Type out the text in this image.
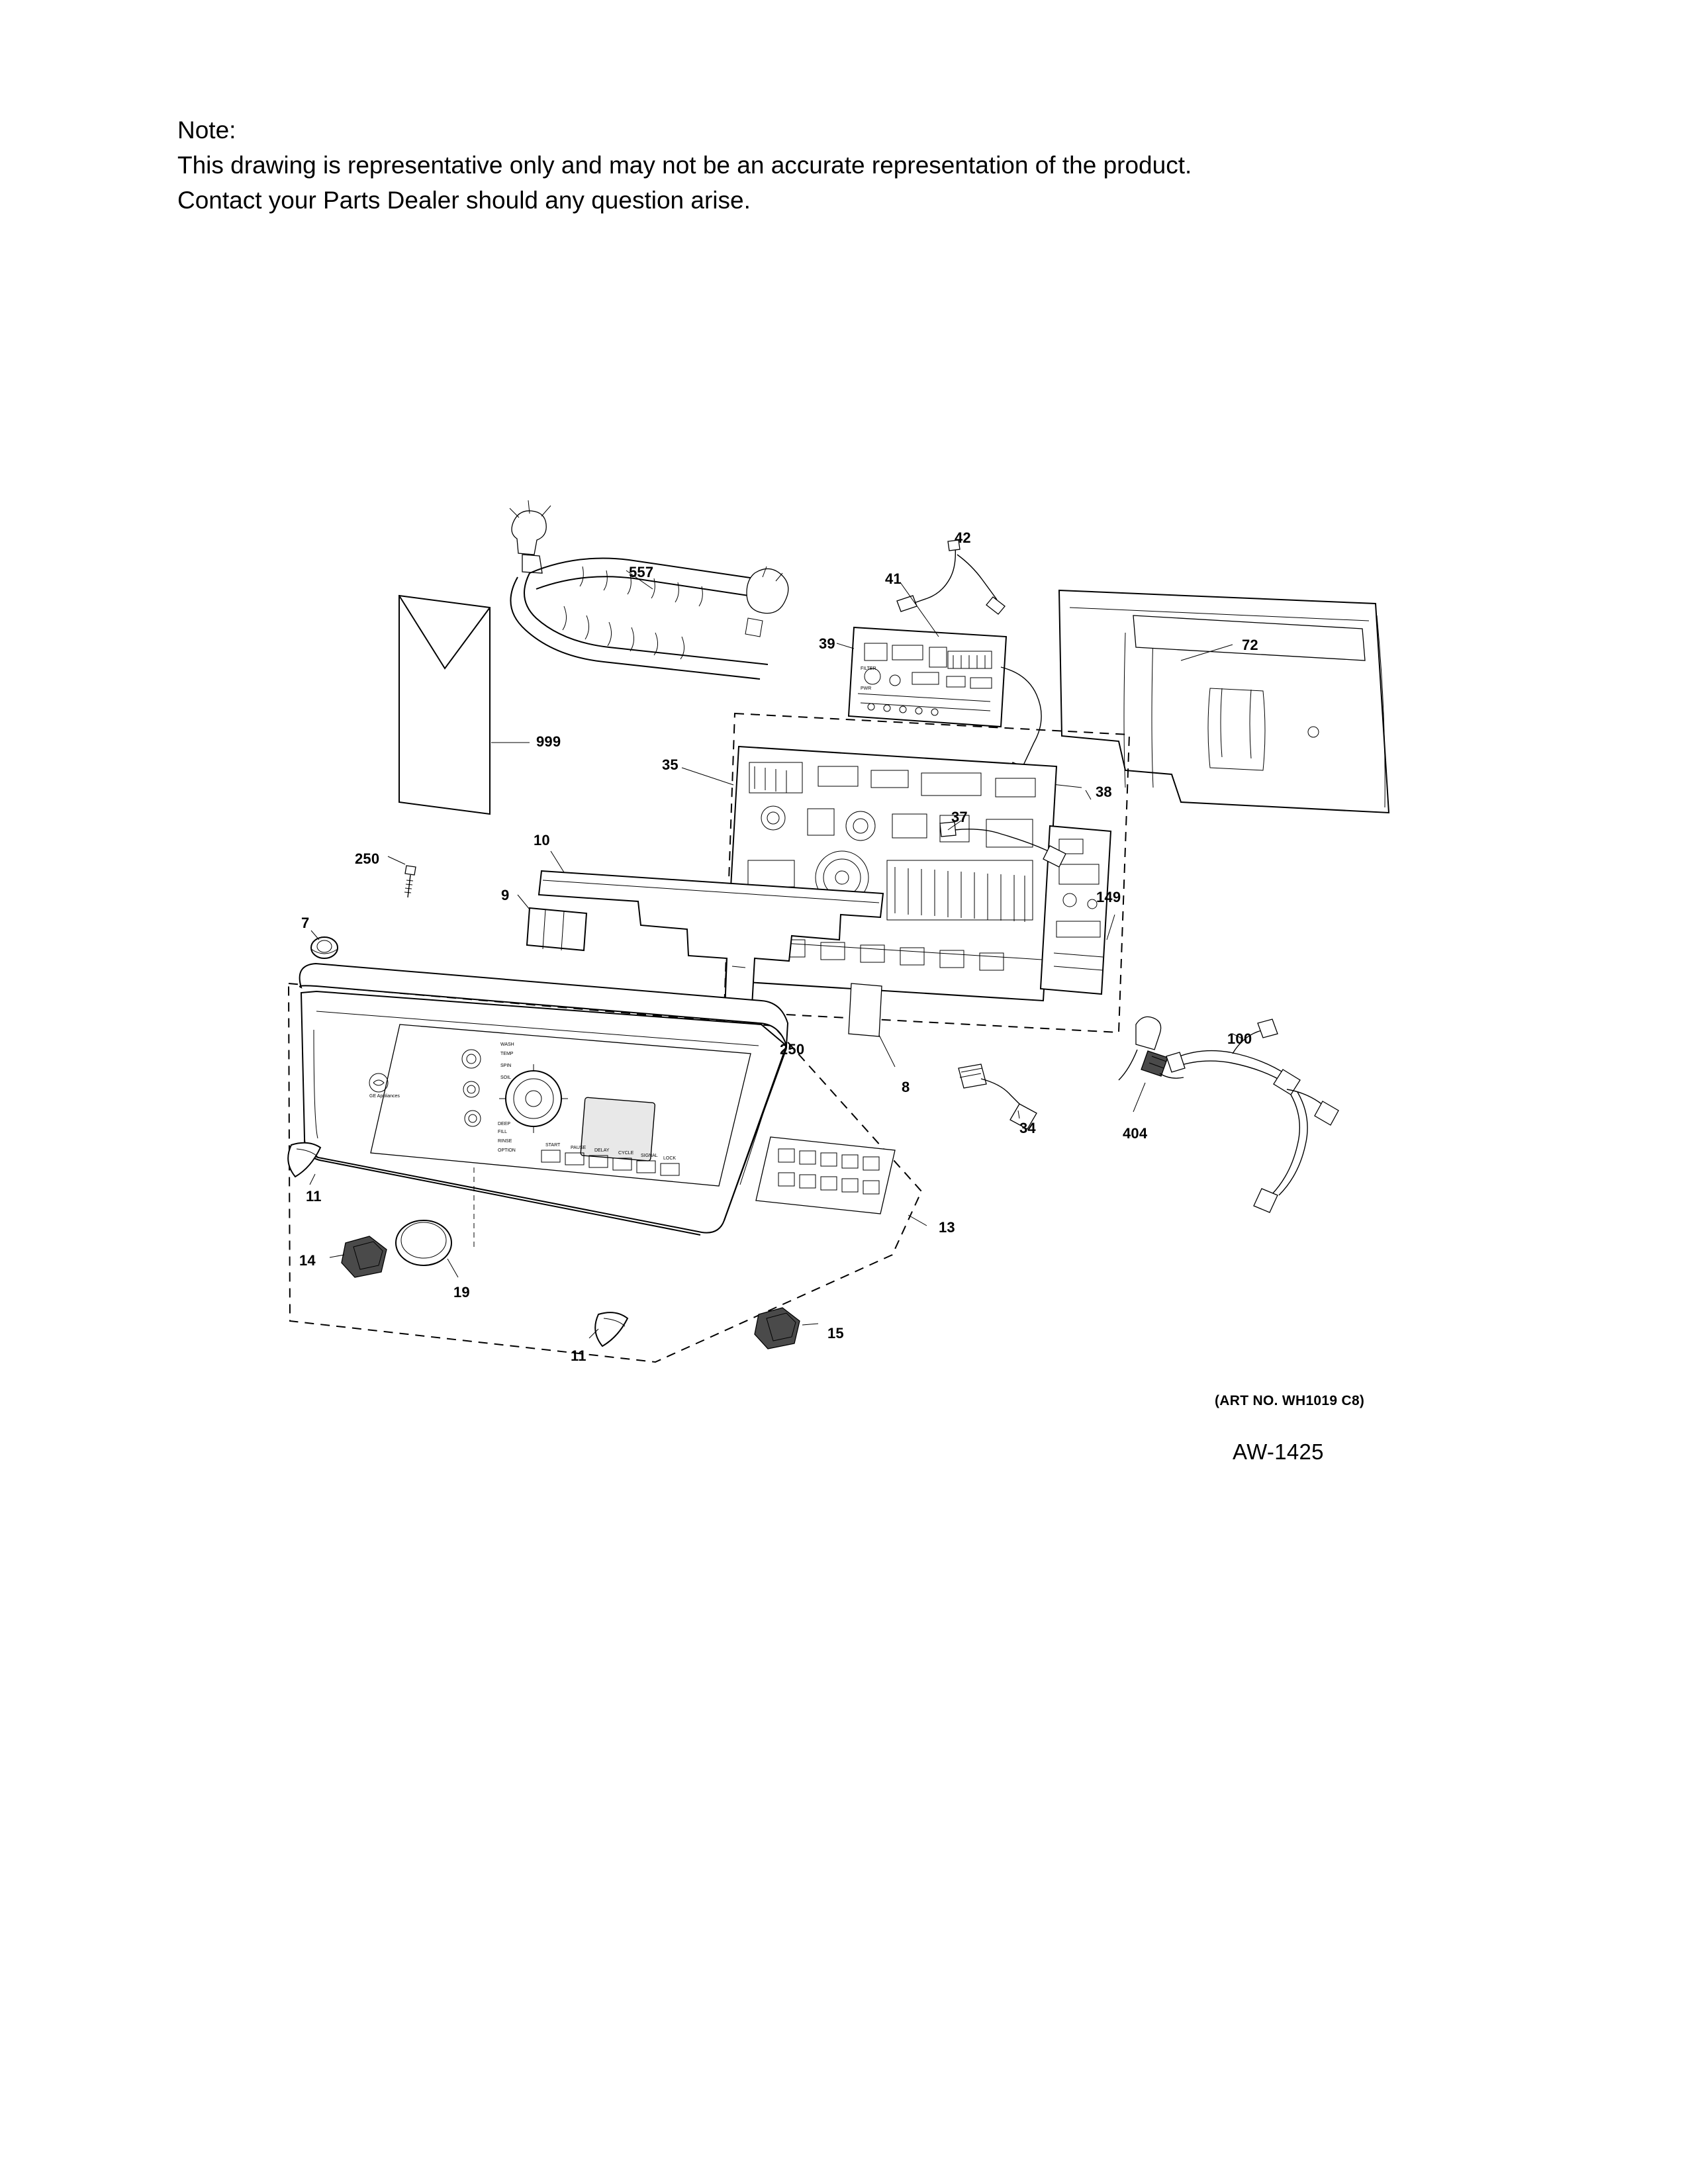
Note:
This drawing is representative only and may not be an accurate representation of the product.
Contact your Parts Dealer should any question arise.
FILTER
PWR
GE Appliances
WASH
TEMP
SPIN
SOIL
DEEP
FILL
RINSE
OPTION
START
PAUSE
DELAY
CYCLE
SIGNAL
LOCK
557
42
41
39	72
999
35
38
37
250
10
149
9
7
250
8
100
34	404
11
13
14
19
15
11
(ART NO. WH1019 C8)
AW-1425
